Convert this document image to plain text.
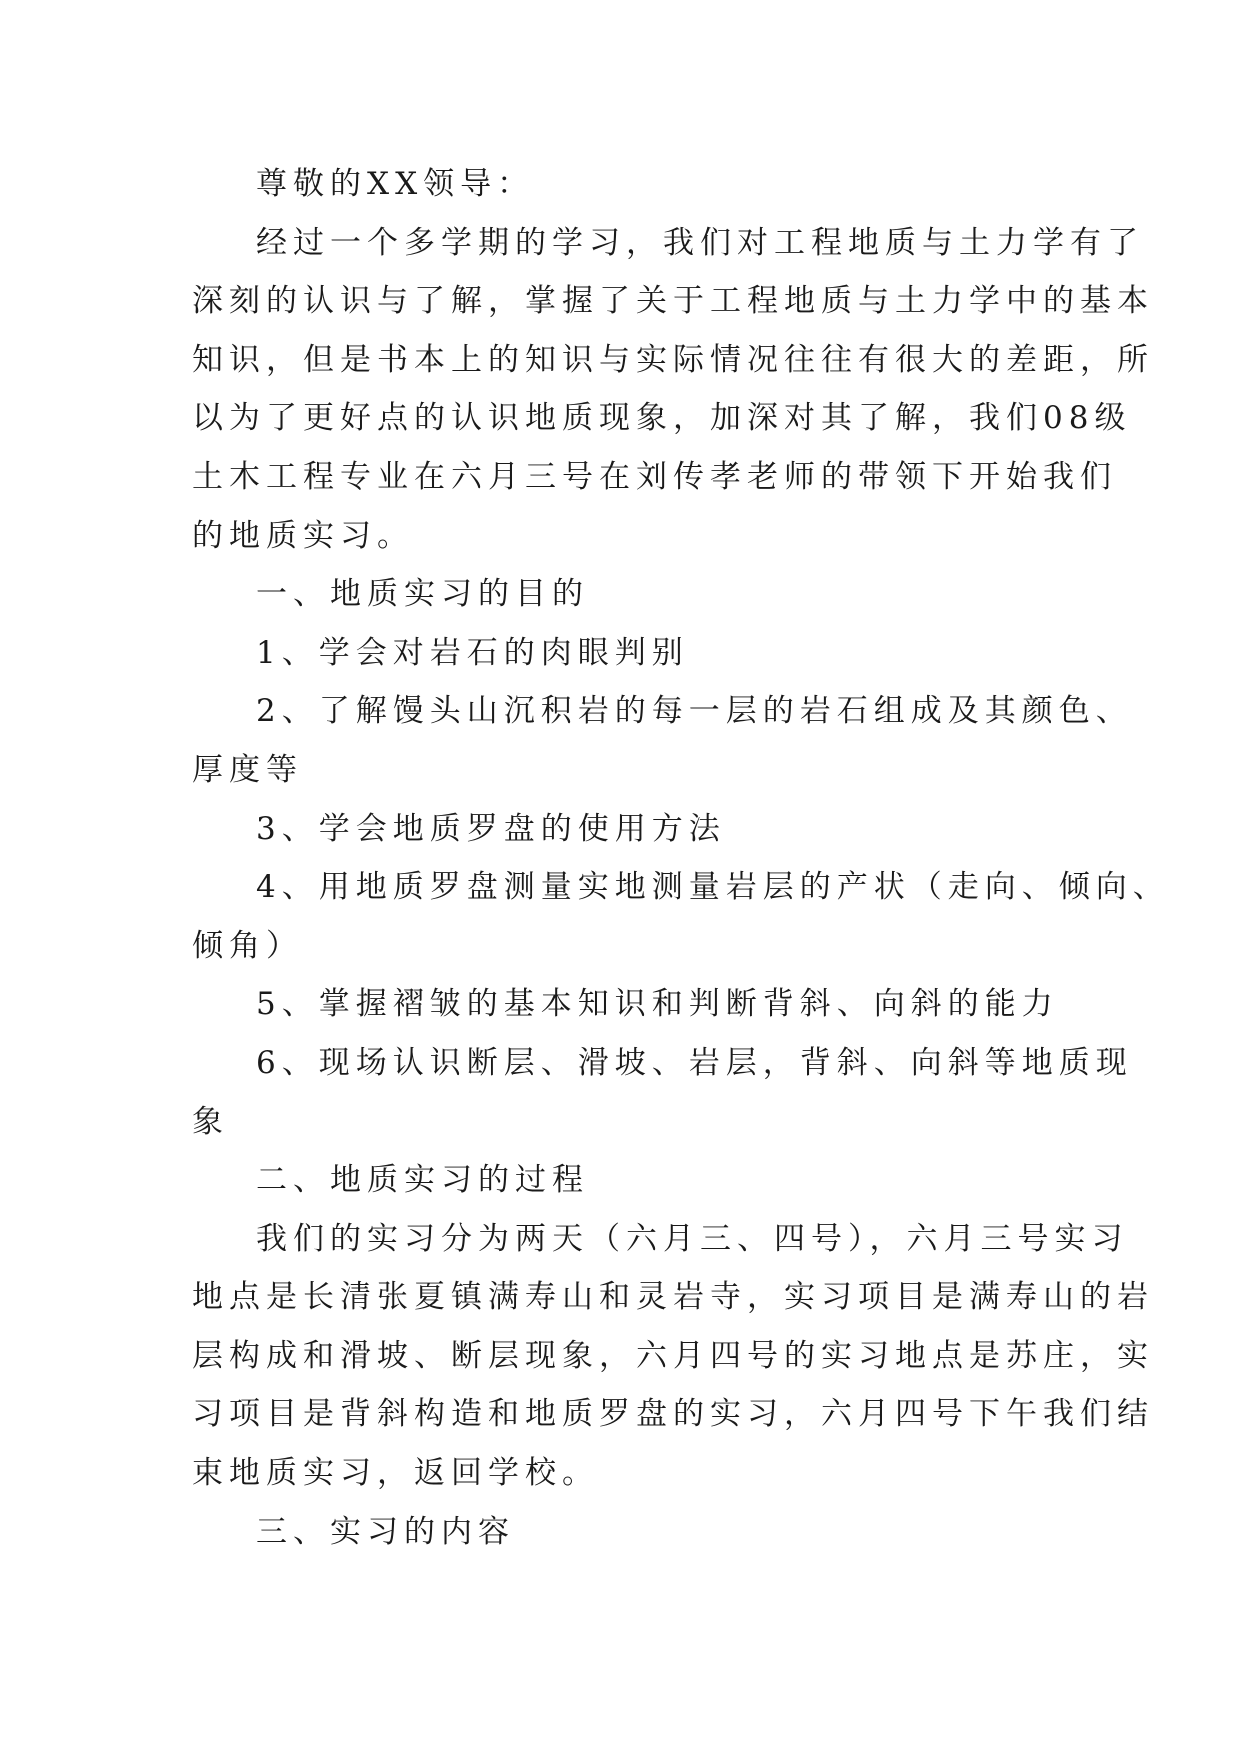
尊敬的XX领导：
经过一个多学期的学习，我们对工程地质与土力学有了
深刻的认识与了解，掌握了关于工程地质与土力学中的基本
知识，但是书本上的知识与实际情况往往有很大的差距，所
以为了更好点的认识地质现象，加深对其了解，我们08级
土木工程专业在六月三号在刘传孝老师的带领下开始我们
的地质实习。
一、地质实习的目的
1、学会对岩石的肉眼判别
2、了解馒头山沉积岩的每一层的岩石组成及其颜色、
厚度等
3、学会地质罗盘的使用方法
4、用地质罗盘测量实地测量岩层的产状（走向、倾向、
倾角）
5、掌握褶皱的基本知识和判断背斜、向斜的能力
6、现场认识断层、滑坡、岩层，背斜、向斜等地质现
象
二、地质实习的过程
我们的实习分为两天（六月三、四号），六月三号实习
地点是长清张夏镇满寿山和灵岩寺，实习项目是满寿山的岩
层构成和滑坡、断层现象，六月四号的实习地点是苏庄，实
习项目是背斜构造和地质罗盘的实习，六月四号下午我们结
束地质实习，返回学校。
三、实习的内容
